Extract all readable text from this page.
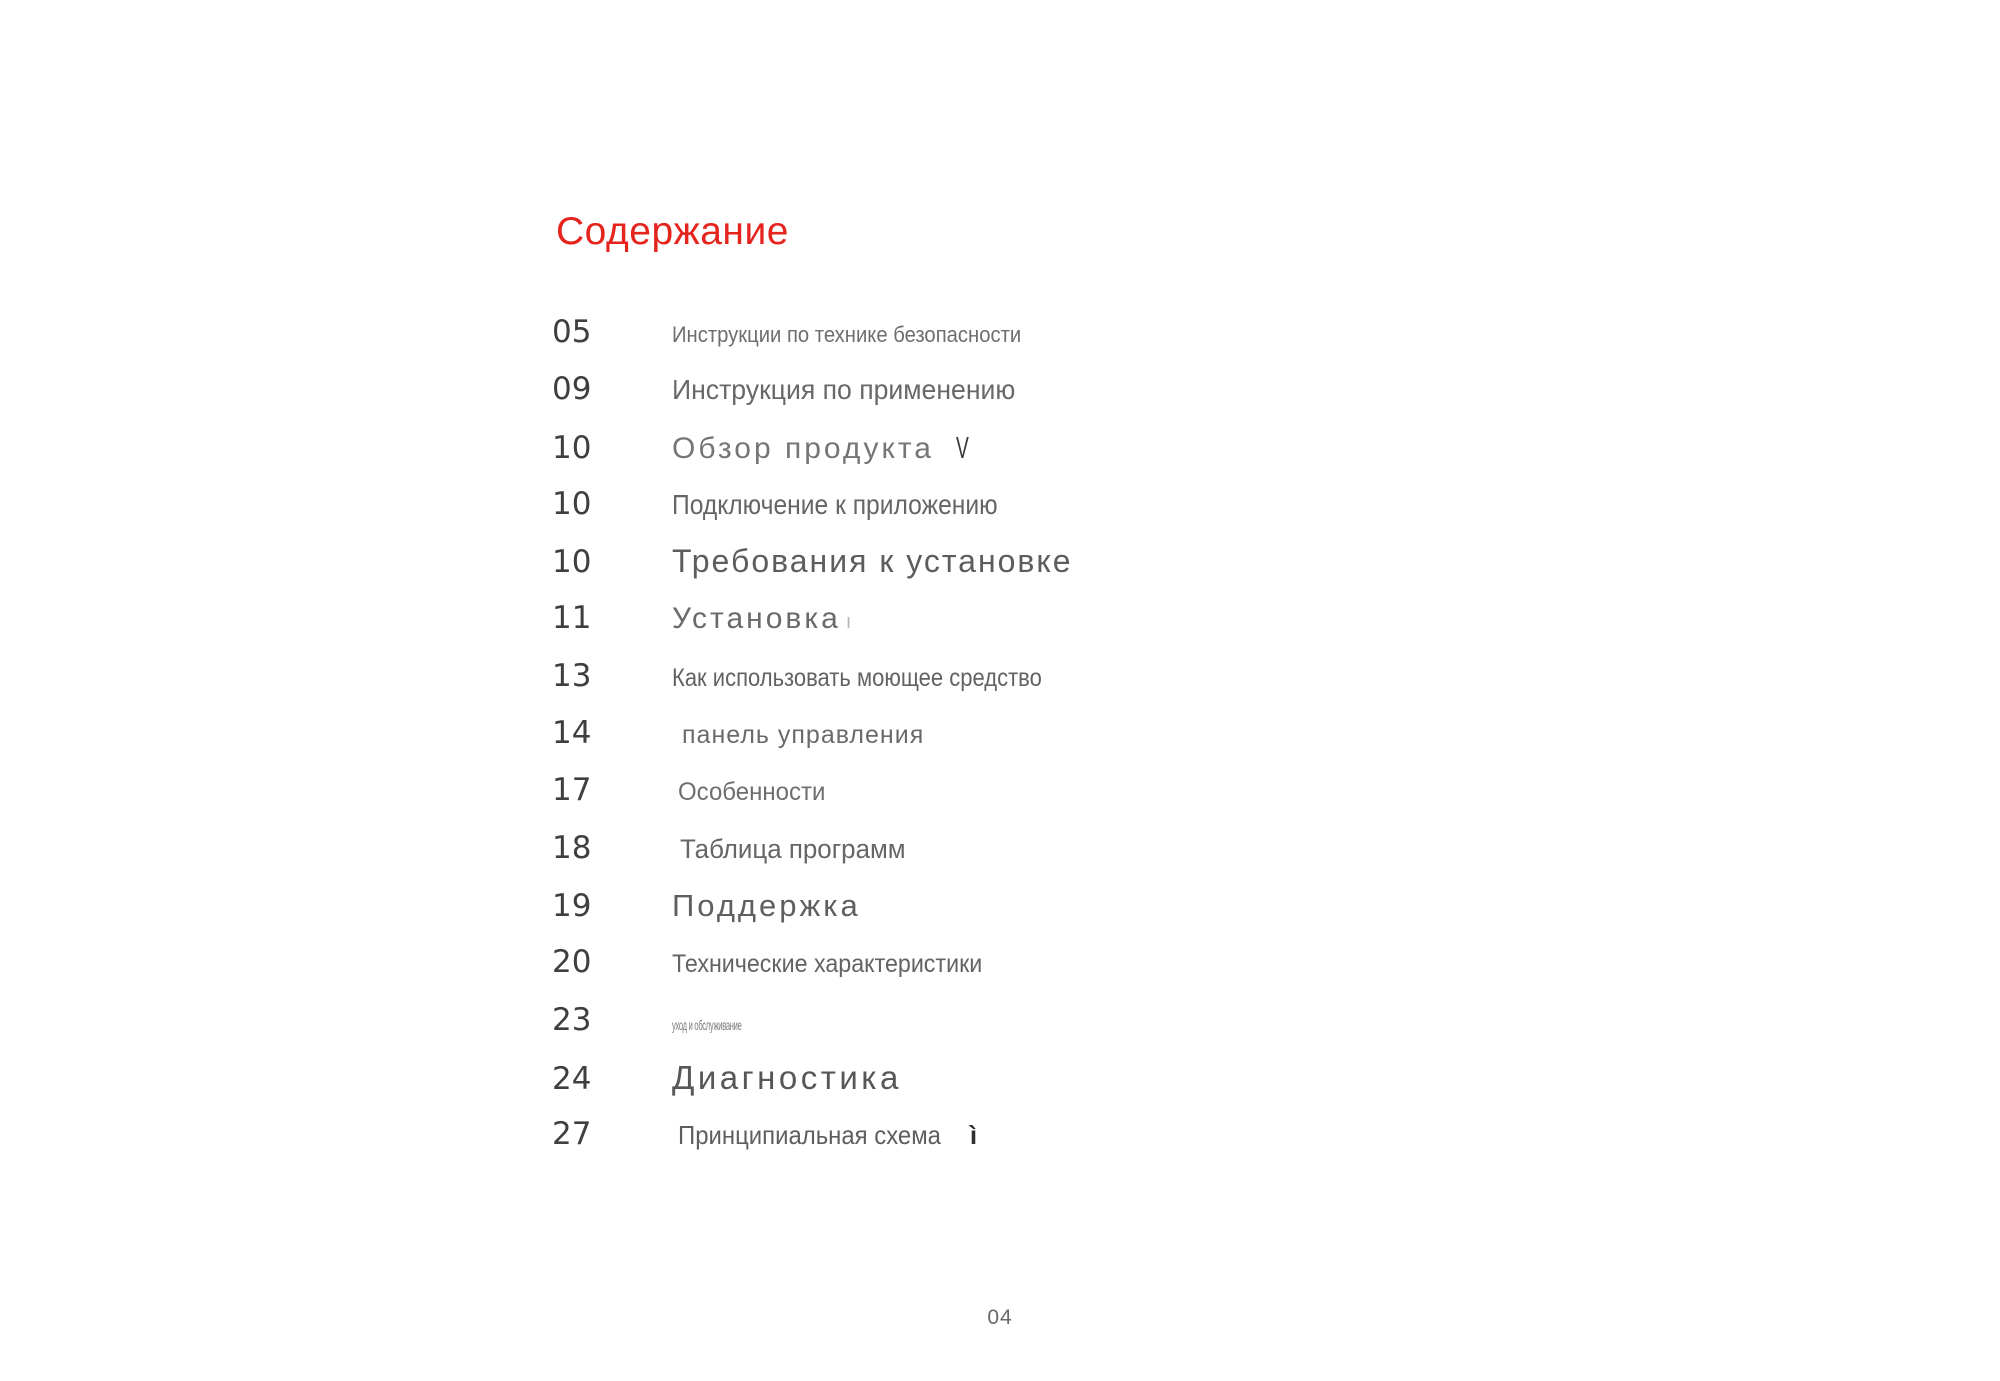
Содержание
05	Инструкции по технике безопасности
09	Инструкция по применению
10	Обзор продукта V
10	Подключение к приложению
10	Требования к установке
11	Установка ı
13	Как использовать моющее средство
14	панель управления
17	Особенности
18	Таблица программ
19	Поддержка
20	Технические характеристики
23	уход и обслуживание
24 Диагностика
27	Принципиальная схема ì
04
